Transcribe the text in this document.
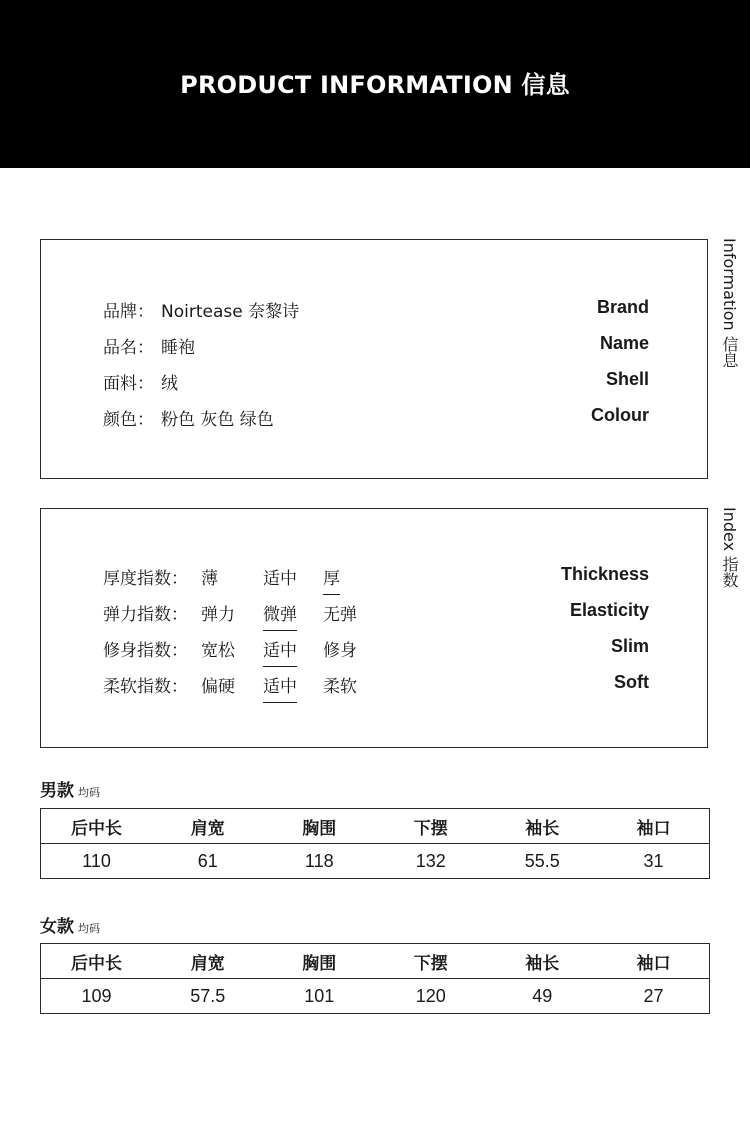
PRODUCT INFORMATION 信息
品牌： Noirtease 奈黎诗	Brand
品名： 睡袍	Name
面料： 绒	Shell
颜色： 粉色 灰色 绿色	Colour
Information 信息
厚度指数： 薄	适中 厚	Thickness
弹力指数： 弹力 微弹 无弹	Elasticity
修身指数： 宽松 适中 修身	Slim
柔软指数： 偏硬 适中 柔软	Soft
Index 指数
男款 均码
后中长	肩宽	胸围	下摆	袖长	袖口
110	61	118	132	55.5	31
女款 均码
后中长	肩宽	胸围	下摆	袖长	袖口
109	57.5	101	120	49	27
